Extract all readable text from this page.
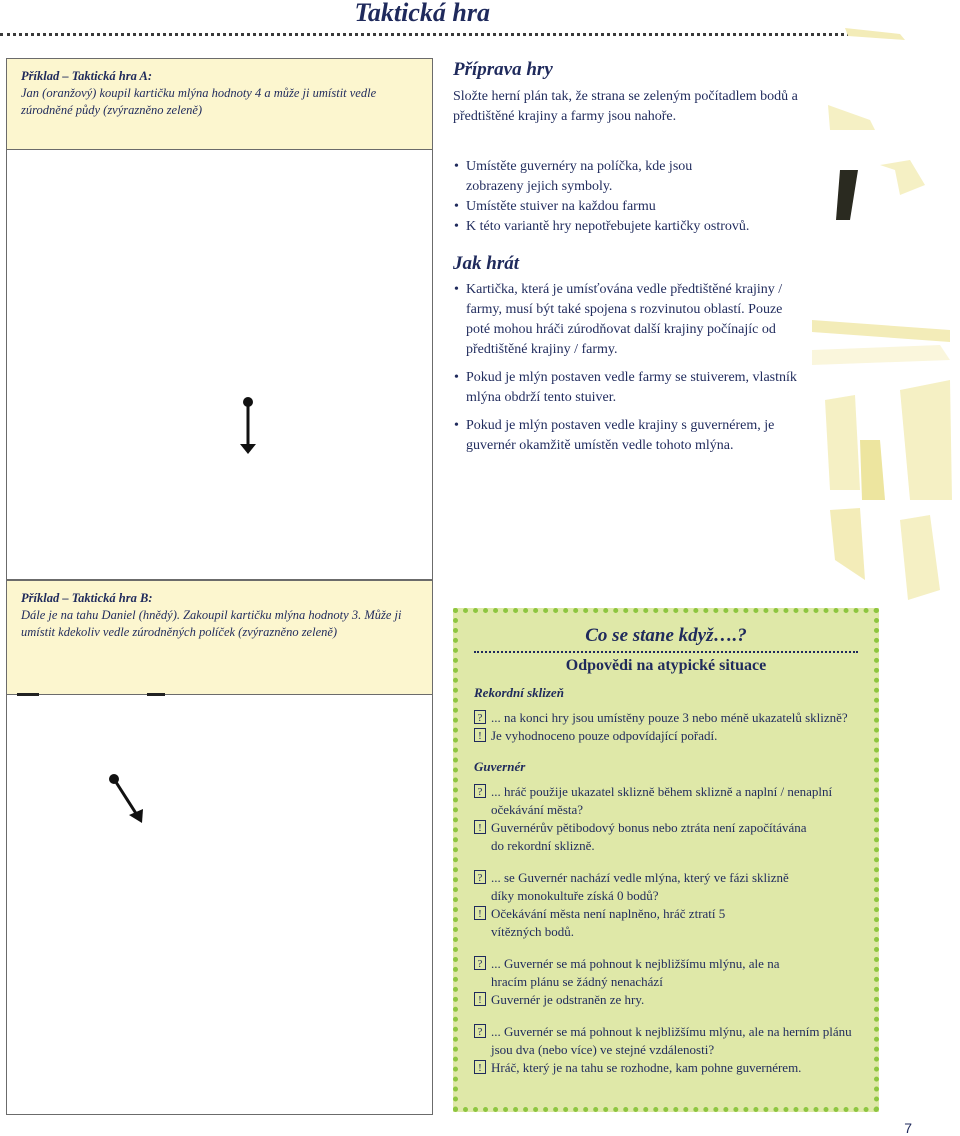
Taktická hra
Příklad – Taktická hra A:
Jan (oranžový) koupil kartičku mlýna hodnoty 4 a může ji umístit vedle zúrodněné půdy (zvýrazněno zeleně)
Příklad – Taktická hra B:
Dále je na tahu Daniel (hnědý). Zakoupil kartičku mlýna hodnoty 3. Může ji umístit kdekoliv vedle zúrodněných políček (zvýrazněno zeleně)
Příprava hry

Složte herní plán tak, že strana se zeleným počítadlem bodů a předtištěné krajiny a farmy jsou nahoře.

• Umístěte guvernéry na políčka, kde jsou zobrazeny jejich symboly.
• Umístěte stuiver na každou farmu
• K této variantě hry nepotřebujete kartičky ostrovů.
Jak hrát
• Kartička, která je umísťována vedle předtištěné krajiny / farmy, musí být také spojena s rozvinutou oblastí. Pouze poté mohou hráči zúrodňovat další krajiny počínajíc od předtištěné krajiny / farmy.
• Pokud je mlýn postaven vedle farmy se stuiverem, vlastník mlýna obdrží tento stuiver.
• Pokud je mlýn postaven vedle krajiny s guvernérem, je guvernér okamžitě umístěn vedle tohoto mlýna.
Co se stane když….?
Odpovědi na atypické situace
Rekordní sklizeň
? ... na konci hry jsou umístěny pouze 3 nebo méně ukazatelů sklizně?
! Je vyhodnoceno pouze odpovídající pořadí.
Guvernér
? ... hráč použije ukazatel sklizně během sklizně a naplní / nenaplní očekávání města?
! Guvernérův pětibodový bonus nebo ztráta není započítávána do rekordní sklizně.
? ... se Guvernér nachází vedle mlýna, který ve fázi sklizně díky monokultuře získá 0 bodů?
! Očekávání města není naplněno, hráč ztratí 5 vítězných bodů.
? ... Guvernér se má pohnout k nejbližšímu mlýnu, ale na hracím plánu se žádný nenachází
! Guvernér je odstraněn ze hry.
? ... Guvernér se má pohnout k nejbližšímu mlýnu, ale na herním plánu jsou dva (nebo více) ve stejné vzdálenosti?
! Hráč, který je na tahu se rozhodne, kam pohne guvernérem.
7
